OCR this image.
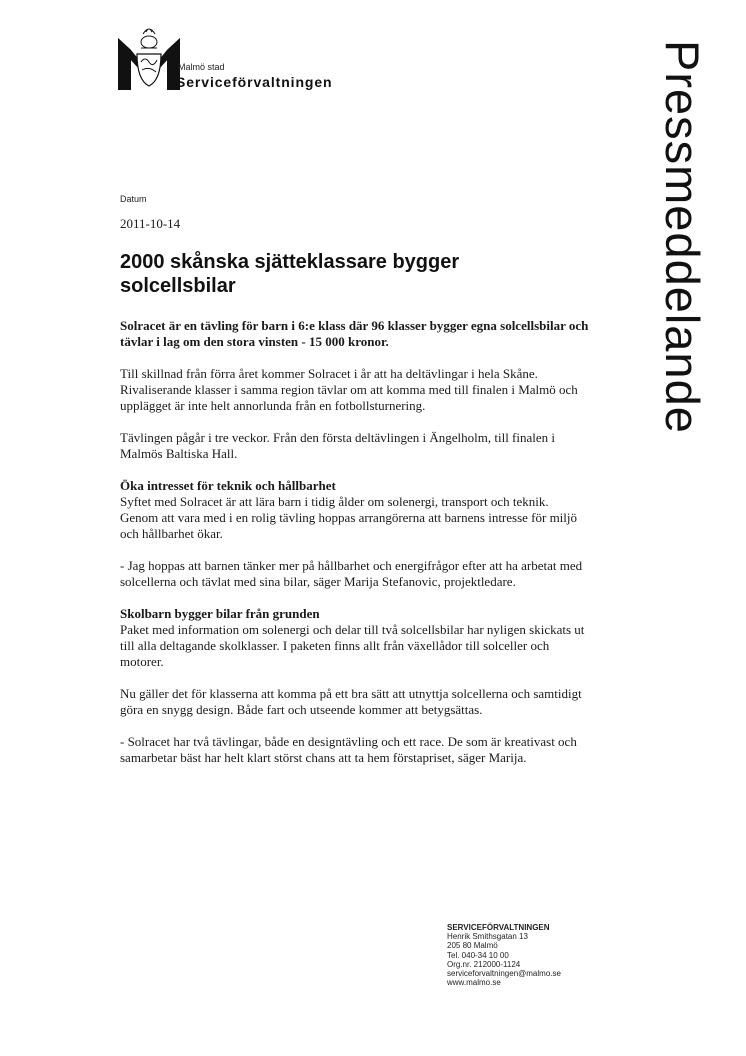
Malmö stad
Serviceförvaltningen	Pressmeddelande
Datum
2011-10-14
2000 skånska sjätteklassare bygger solcellsbilar

Solracet är en tävling för barn i 6:e klass där 96 klasser bygger egna solcellsbilar och tävlar i lag om den stora vinsten - 15 000 kronor.

Till skillnad från förra året kommer Solracet i år att ha deltävlingar i hela Skåne. Rivaliserande klasser i samma region tävlar om att komma med till finalen i Malmö och upplägget är inte helt annorlunda från en fotbollsturnering.

Tävlingen pågår i tre veckor. Från den första deltävlingen i Ängelholm, till finalen i Malmös Baltiska Hall.

Öka intresset för teknik och hållbarhet

Syftet med Solracet är att lära barn i tidig ålder om solenergi, transport och teknik. Genom att vara med i en rolig tävling hoppas arrangörerna att barnens intresse för miljö och hållbarhet ökar.

- Jag hoppas att barnen tänker mer på hållbarhet och energifrågor efter att ha arbetat med solcellerna och tävlat med sina bilar, säger Marija Stefanovic, projektledare.

Skolbarn bygger bilar från grunden

Paket med information om solenergi och delar till två solcellsbilar har nyligen skickats ut till alla deltagande skolklasser. I paketen finns allt från växellådor till solceller och motorer.

Nu gäller det för klasserna att komma på ett bra sätt att utnyttja solcellerna och samtidigt göra en snygg design. Både fart och utseende kommer att betygsättas.

- Solracet har två tävlingar, både en designtävling och ett race. De som är kreativast och samarbetar bäst har helt klart störst chans att ta hem förstapriset, säger Marija.

SERVICEFÖRVALTNINGEN
Henrik Smithsgatan 13
205 80 Malmö
Tel. 040-34 10 00
Org.nr. 212000-1124
serviceforvaltningen@malmo.se
www.malmo.se
